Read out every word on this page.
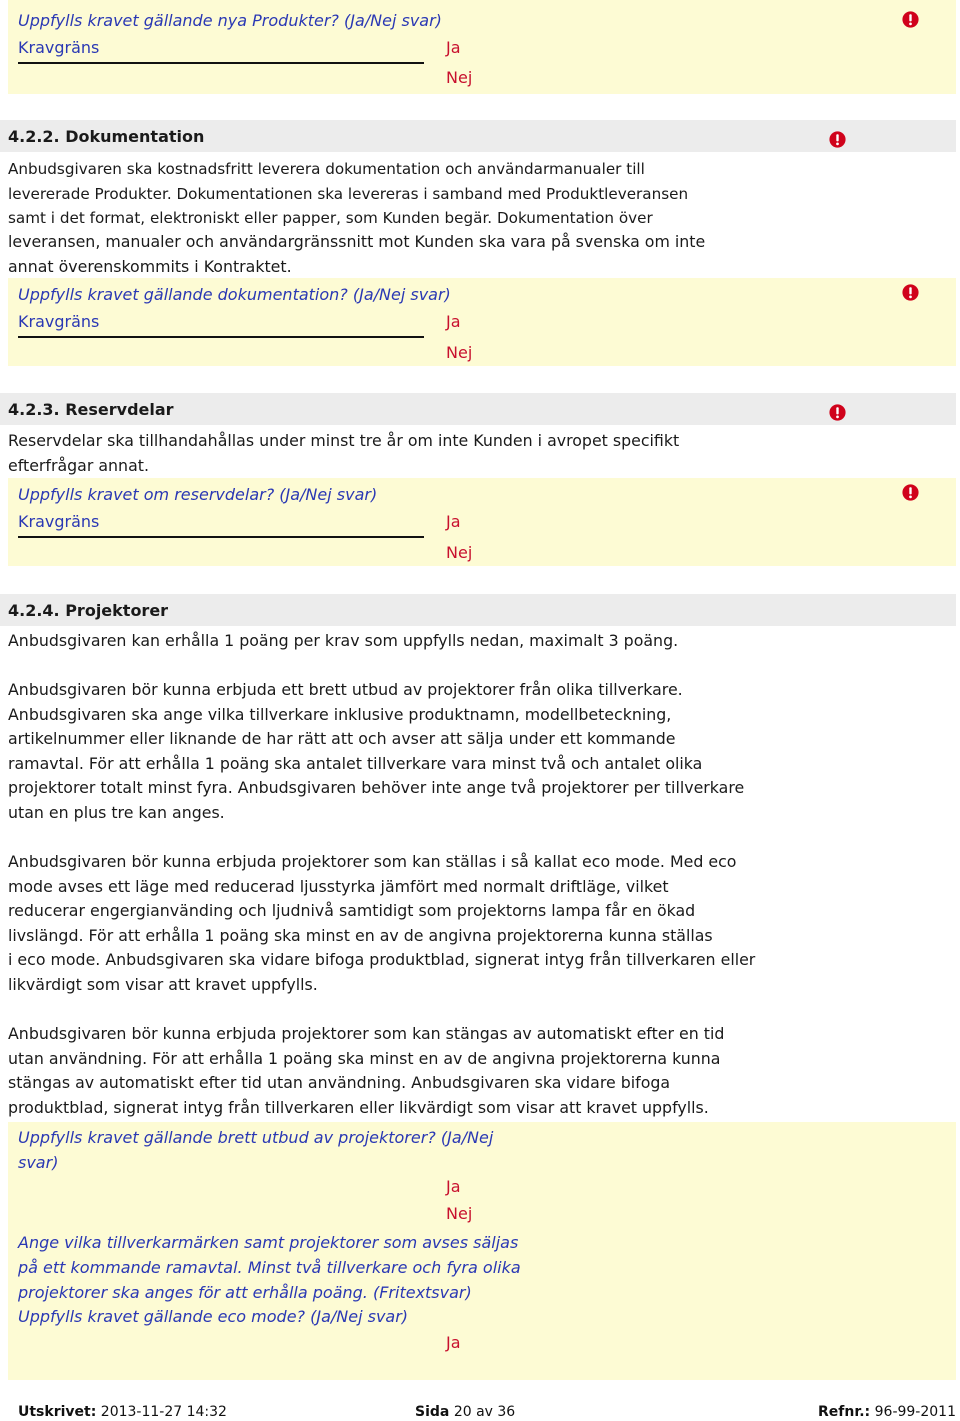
Uppfylls kravet gällande nya Produkter? (Ja/Nej svar)
Kravgräns	Ja
Nej
4.2.2. Dokumentation
Anbudsgivaren ska kostnadsfritt leverera dokumentation och användarmanualer till
levererade Produkter. Dokumentationen ska levereras i samband med Produktleveransen
samt i det format, elektroniskt eller papper, som Kunden begär. Dokumentation över
leveransen, manualer och användargränssnitt mot Kunden ska vara på svenska om inte
annat överenskommits i Kontraktet.
Uppfylls kravet gällande dokumentation? (Ja/Nej svar)
Kravgräns	Ja
Nej
4.2.3. Reservdelar
Reservdelar ska tillhandahållas under minst tre år om inte Kunden i avropet specifikt
efterfrågar annat.
Uppfylls kravet om reservdelar? (Ja/Nej svar)
Kravgräns	Ja
Nej
4.2.4. Projektorer
Anbudsgivaren kan erhålla 1 poäng per krav som uppfylls nedan, maximalt 3 poäng.
Anbudsgivaren bör kunna erbjuda ett brett utbud av projektorer från olika tillverkare.
Anbudsgivaren ska ange vilka tillverkare inklusive produktnamn, modellbeteckning,
artikelnummer eller liknande de har rätt att och avser att sälja under ett kommande
ramavtal. För att erhålla 1 poäng ska antalet tillverkare vara minst två och antalet olika
projektorer totalt minst fyra. Anbudsgivaren behöver inte ange två projektorer per tillverkare
utan en plus tre kan anges.
Anbudsgivaren bör kunna erbjuda projektorer som kan ställas i så kallat eco mode. Med eco
mode avses ett läge med reducerad ljusstyrka jämfört med normalt driftläge, vilket
reducerar engergianvänding och ljudnivå samtidigt som projektorns lampa får en ökad
livslängd. För att erhålla 1 poäng ska minst en av de angivna projektorerna kunna ställas
i eco mode. Anbudsgivaren ska vidare bifoga produktblad, signerat intyg från tillverkaren eller
likvärdigt som visar att kravet uppfylls.
Anbudsgivaren bör kunna erbjuda projektorer som kan stängas av automatiskt efter en tid
utan användning. För att erhålla 1 poäng ska minst en av de angivna projektorerna kunna
stängas av automatiskt efter tid utan användning. Anbudsgivaren ska vidare bifoga
produktblad, signerat intyg från tillverkaren eller likvärdigt som visar att kravet uppfylls.
Uppfylls kravet gällande brett utbud av projektorer? (Ja/Nej
svar)
Ja
Nej
Ange vilka tillverkarmärken samt projektorer som avses säljas
på ett kommande ramavtal. Minst två tillverkare och fyra olika
projektorer ska anges för att erhålla poäng. (Fritextsvar)
Uppfylls kravet gällande eco mode? (Ja/Nej svar)
Ja
Utskrivet: 2013-11-27 14:32	Sida 20 av 36	Refnr.: 96-99-2011
